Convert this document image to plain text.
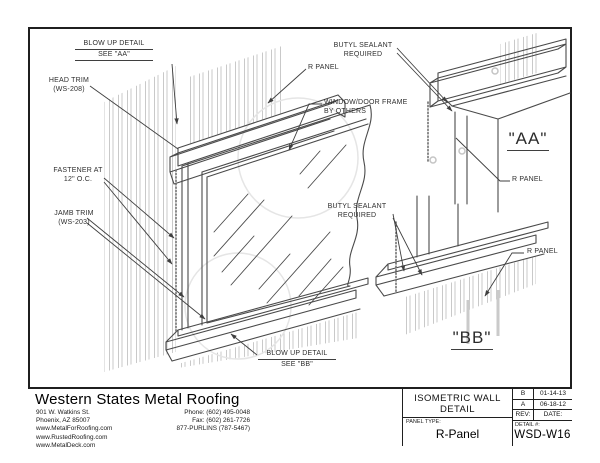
BLOW UP DETAIL
SEE "AA"
HEAD TRIM
(WS-208)
R PANEL
WINDOW/DOOR FRAME
BY OTHERS
BUTYL SEALANT
REQUIRED
FASTENER AT
12" O.C.
JAMB TRIM
(WS-203)
BUTYL SEALANT
REQUIRED
BLOW UP DETAIL
SEE "BB"
"AA"
R PANEL
"BB"
R PANEL
Western States Metal Roofing
901 W. Watkins St.
Phoenix, AZ 85007
www.MetalForRoofing.com
www.RustedRoofing.com
www.MetalDeck.com
Phone: (602) 495-0048
Fax: (602) 261-7726
877-PURLINS (787-5467)
ISOMETRIC WALL
DETAIL
PANEL TYPE:
R-Panel
B	01-14-13
A	06-18-12
REV:	DATE:
DETAIL #:
WSD-W16
